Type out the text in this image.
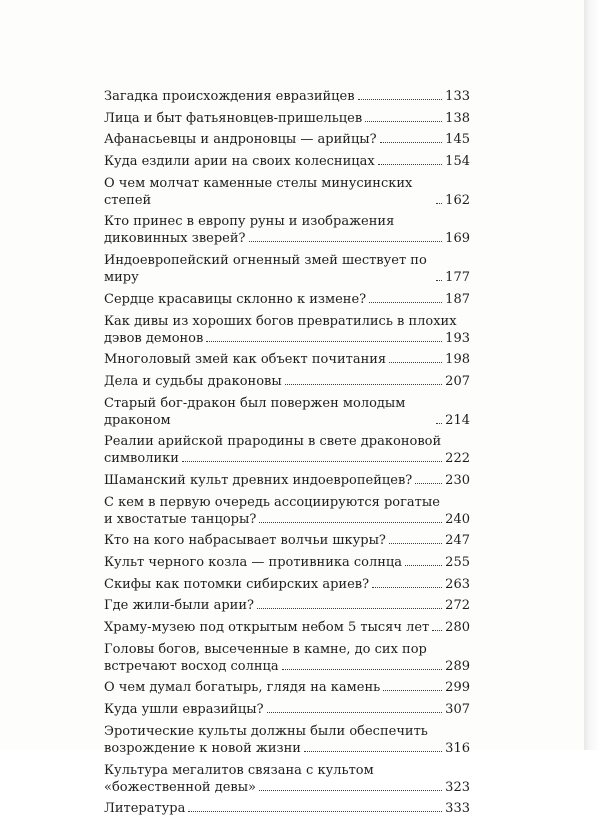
Загадка происхождения евразийцев	133
Лица и быт фатьяновцев-пришельцев	138
Афанасьевцы и андроновцы — арийцы?	145
Куда ездили арии на своих колесницах	154
О чем молчат каменные стелы минусинских степей	162
Кто принес в европу руны и изображения
диковинных зверей?	169
Индоевропейский огненный змей шествует по миру	177
Сердце красавицы склонно к измене?	187
Как дивы из хороших богов превратились в плохих
дэвов демонов	193
Многоловый змей как объект почитания	198
Дела и судьбы драконовы	207
Старый бог-дракон был повержен молодым драконом	214
Реалии арийской прародины в свете драконовой
символики	222
Шаманский культ древних индоевропейцев?	230
С кем в первую очередь ассоциируются рогатые
и хвостатые танцоры?	240
Кто на кого набрасывает волчьи шкуры?	247
Культ черного козла — противника солнца	255
Скифы как потомки сибирских ариев?	263
Где жили-были арии?	272
Храму-музею под открытым небом 5 тысяч лет 280
Головы богов, высеченные в камне, до сих пор
встречают восход солнца	289
О чем думал богатырь, глядя на камень	299
Куда ушли евразийцы?	307
Эротические культы должны были обеспечить
возрождение к новой жизни	316
Культура мегалитов связана с культом
«божественной девы»	323
Литература	333
